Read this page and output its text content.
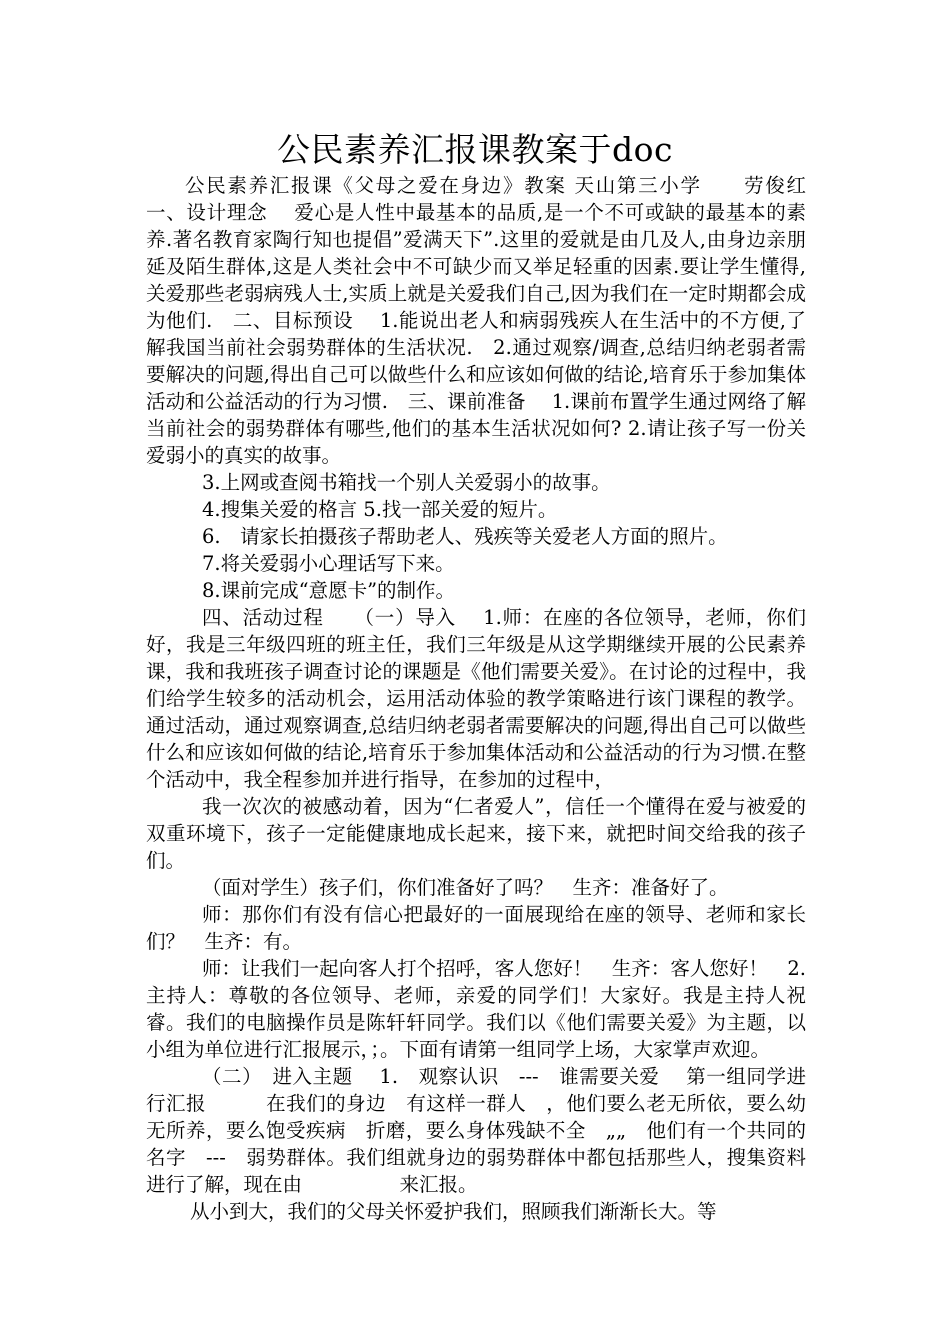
公民素养汇报课教案于doc

公民素养汇报课《父母之爱在身边》教案 天山第三小学　　劳俊红　一、设计理念　 爱心是人性中最基本的品质,是一个不可或缺的最基本的素养.著名教育家陶行知也提倡”爱满天下”.这里的爱就是由几及人,由身边亲朋延及陌生群体,这是人类社会中不可缺少而又举足轻重的因素.要让学生懂得,关爱那些老弱病残人士,实质上就是关爱我们自己,因为我们在一定时期都会成为他们.　二、目标预设　 1.能说出老人和病弱残疾人在生活中的不方便,了解我国当前社会弱势群体的生活状况.　2.通过观察/调查,总结归纳老弱者需要解决的问题,得出自己可以做些什么和应该如何做的结论,培育乐于参加集体活动和公益活动的行为习惯.　三、课前准备　 1.课前布置学生通过网络了解当前社会的弱势群体有哪些,他们的基本生活状况如何? 2.请让孩子写一份关爱弱小的真实的故事。

3.上网或查阅书箱找一个别人关爱弱小的故事。

4.搜集关爱的格言 5.找一部关爱的短片。

6.　请家长拍摄孩子帮助老人、残疾等关爱老人方面的照片。

7.将关爱弱小心理话写下来。

8.课前完成“意愿卡”的制作。

四、活动过程　　（一）导入　 1.师：在座的各位领导，老师，你们好，我是三年级四班的班主任，我们三年级是从这学期继续开展的公民素养课，我和我班孩子调查讨论的课题是《他们需要关爱》。在讨论的过程中，我们给学生较多的活动机会，运用活动体验的教学策略进行该门课程的教学。通过活动，通过观察调查,总结归纳老弱者需要解决的问题,得出自己可以做些什么和应该如何做的结论,培育乐于参加集体活动和公益活动的行为习惯.在整个活动中，我全程参加并进行指导，在参加的过程中，

我一次次的被感动着，因为“仁者爱人”，信任一个懂得在爱与被爱的双重环境下，孩子一定能健康地成长起来，接下来，就把时间交给我的孩子们。

（面对学生）孩子们，你们准备好了吗？　生齐：准备好了。

师：那你们有没有信心把最好的一面展现给在座的领导、老师和家长们？　生齐：有。

师：让我们一起向客人打个招呼，客人您好！　生齐：客人您好！　2.主持人：尊敬的各位领导、老师，亲爱的同学们！大家好。我是主持人祝睿。我们的电脑操作员是陈轩轩同学。我们以《他们需要关爱》为主题，以小组为单位进行汇报展示，；。下面有请第一组同学上场，大家掌声欢迎。

（二）　进入主题　 1.　观察认识　---　谁需要关爱　 第一组同学进行汇报　　　在我们的身边　有这样一群人　，他们要么老无所依，要么幼无所养，要么饱受疾病　折磨，要么身体残缺不全　„„　他们有一个共同的名字　---　弱势群体。我们组就身边的弱势群体中都包括那些人，搜集资料进行了解，现在由　　　　　来汇报。

从小到大，我们的父母关怀爱护我们，照顾我们渐渐长大。等
